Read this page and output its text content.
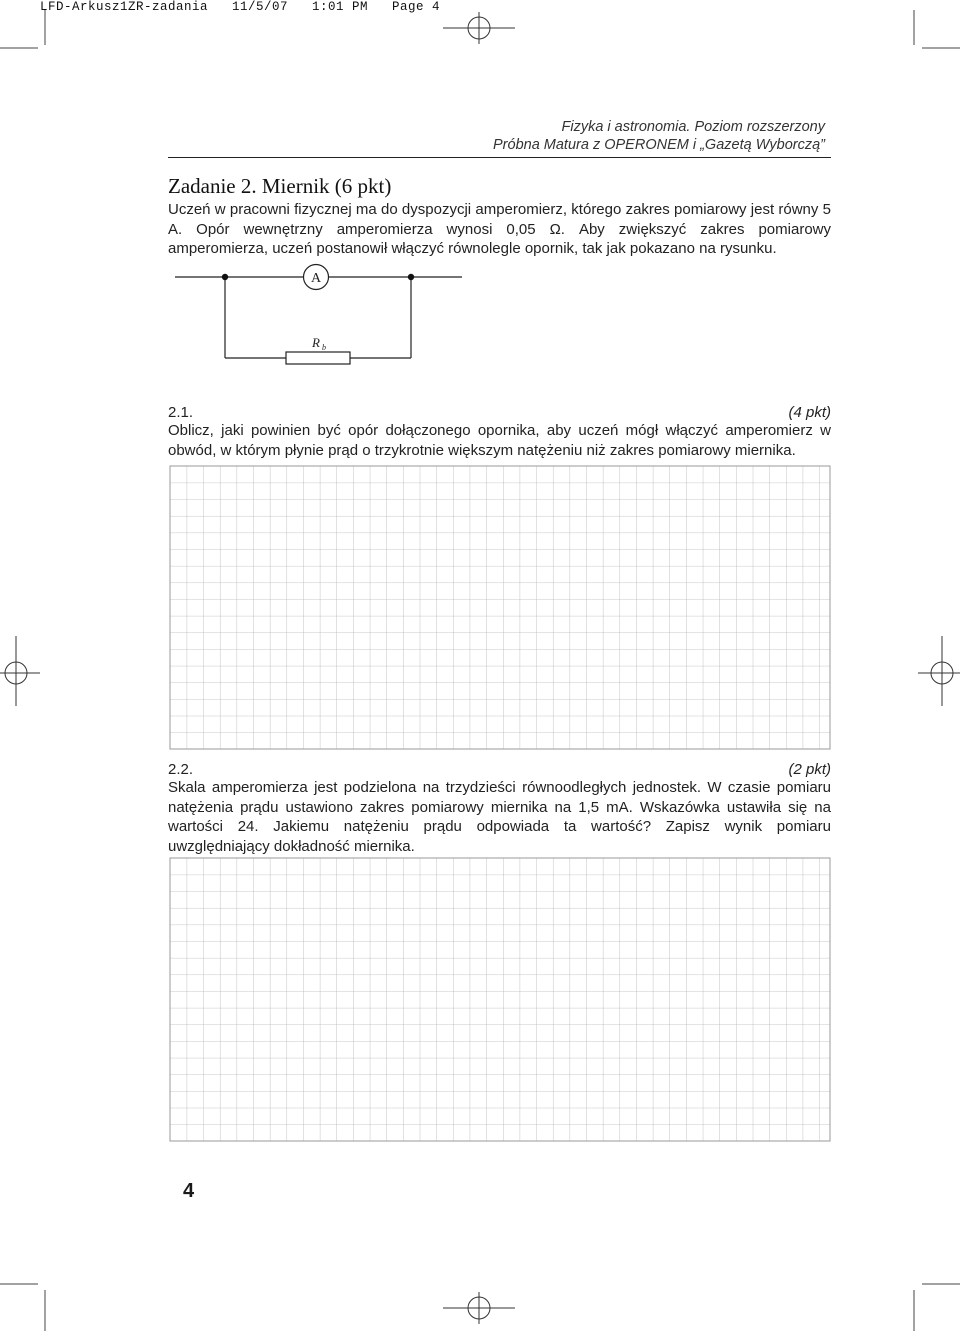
LFD-Arkusz1ZR-zadania   11/5/07   1:01 PM   Page 4
A
R b
Fizyka i astronomia. Poziom rozszerzony
Próbna Matura z OPERONEM i „Gazetą Wyborczą”
Zadanie 2. Miernik (6 pkt)
Uczeń w pracowni fizycznej ma do dyspozycji amperomierz, którego zakres pomiarowy jest równy 5 A. Opór wewnętrzny amperomierza wynosi 0,05 Ω. Aby zwiększyć zakres pomiarowy amperomierza, uczeń postanowił włączyć równolegle opornik, tak jak pokazano na rysunku.
2.1.	(4 pkt)
Oblicz, jaki powinien być opór dołączonego opornika, aby uczeń mógł włączyć amperomierz w obwód, w którym płynie prąd o trzykrotnie większym natężeniu niż zakres pomiarowy miernika.
2.2.	(2 pkt)
Skala amperomierza jest podzielona na trzydzieści równoodległych jednostek. W czasie pomiaru natężenia prądu ustawiono zakres pomiarowy miernika na 1,5 mA. Wskazówka ustawiła się na wartości 24. Jakiemu natężeniu prądu odpowiada ta wartość? Zapisz wynik pomiaru uwzględniający dokładność miernika.
4
